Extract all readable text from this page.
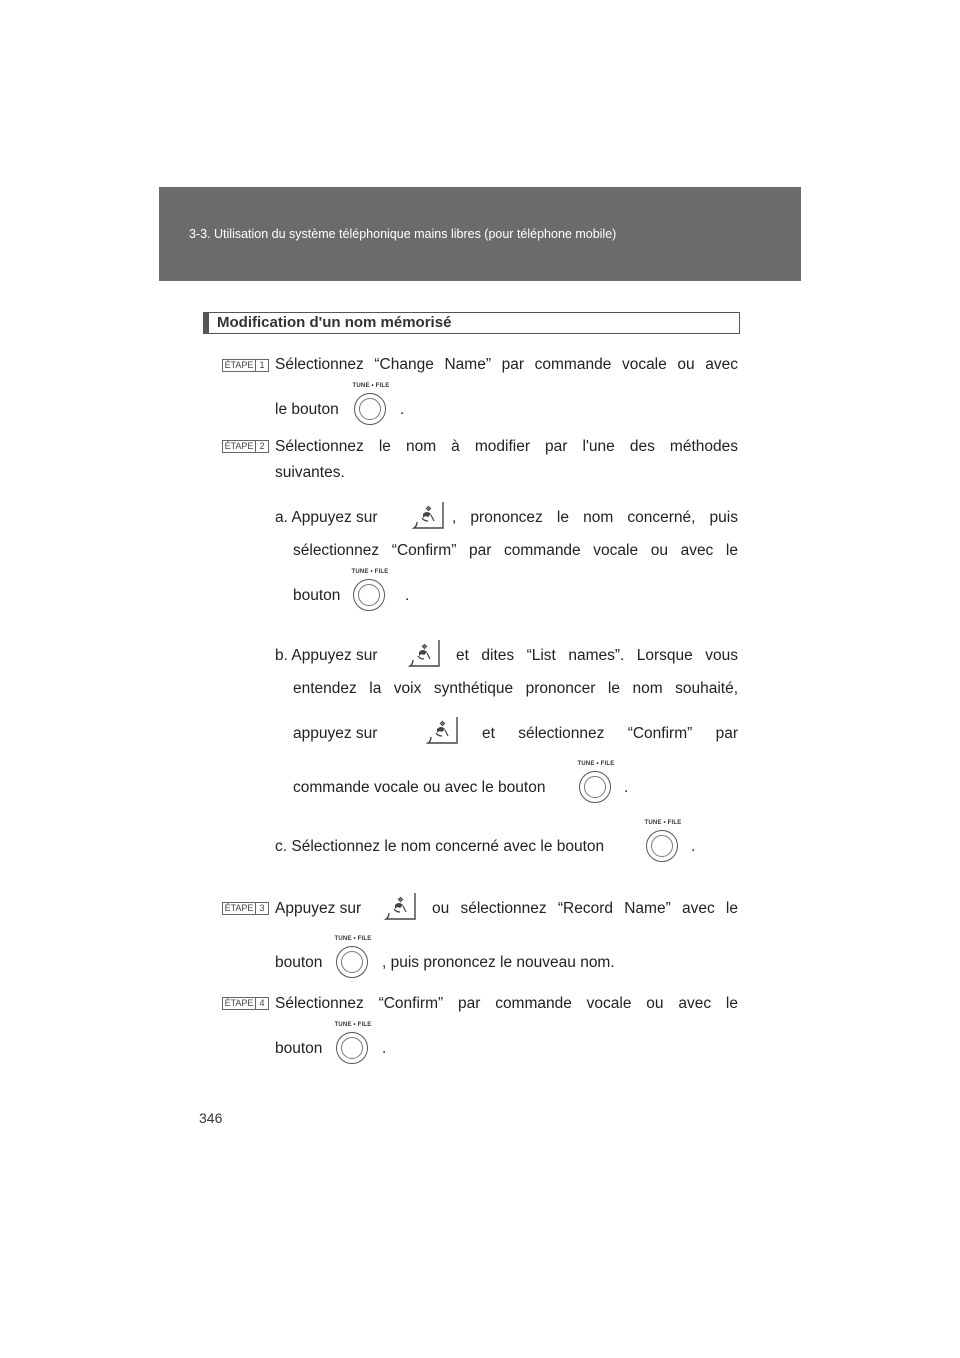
3-3. Utilisation du système téléphonique mains libres (pour téléphone mobile)
Modification d'un nom mémorisé
ÉTAPE 1 Sélectionnez “Change Name” par commande vocale ou avec
le bouton
TUNE • FILE
.
ÉTAPE 2 Sélectionnez le nom à modifier par l'une des méthodes
suivantes.
a. Appuyez sur	, prononcez le nom concerné, puis
sélectionnez “Confirm” par commande vocale ou avec le
bouton
TUNE • FILE
.
b. Appuyez sur	et dites “List names”. Lorsque vous
entendez la voix synthétique prononcer le nom souhaité,
appuyez sur	et sélectionnez “Confirm” par
commande vocale ou avec le bouton
TUNE • FILE
.
c. Sélectionnez le nom concerné avec le bouton
TUNE • FILE
.
ÉTAPE 3 Appuyez sur	ou sélectionnez “Record Name” avec le
bouton
TUNE • FILE
, puis prononcez le nouveau nom.
ÉTAPE 4 Sélectionnez “Confirm” par commande vocale ou avec le
bouton
TUNE • FILE
.
346
